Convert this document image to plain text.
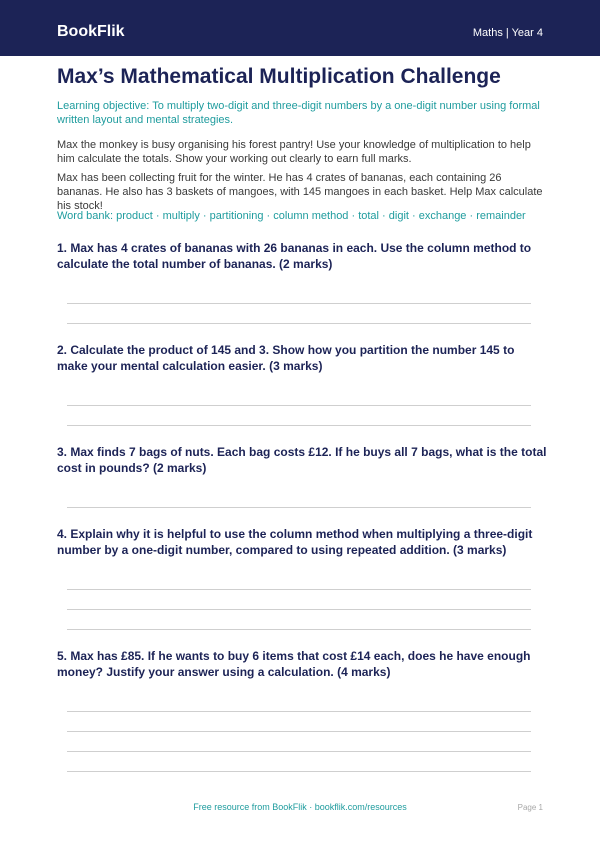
BookFlik	Maths | Year 4
Max’s Mathematical Multiplication Challenge

Learning objective: To multiply two-digit and three-digit numbers by a one-digit number using formal written layout and mental strategies.

Max the monkey is busy organising his forest pantry! Use your knowledge of multiplication to help him calculate the totals. Show your working out clearly to earn full marks.

Max has been collecting fruit for the winter. He has 4 crates of bananas, each containing 26 bananas. He also has 3 baskets of mangoes, with 145 mangoes in each basket. Help Max calculate his stock!

Word bank: product · multiply · partitioning · column method · total · digit · exchange · remainder

1. Max has 4 crates of bananas with 26 bananas in each. Use the column method to calculate the total number of bananas. (2 marks)

2. Calculate the product of 145 and 3. Show how you partition the number 145 to make your mental calculation easier. (3 marks)

3. Max finds 7 bags of nuts. Each bag costs £12. If he buys all 7 bags, what is the total cost in pounds? (2 marks)

4. Explain why it is helpful to use the column method when multiplying a three-digit number by a one-digit number, compared to using repeated addition. (3 marks)

5. Max has £85. If he wants to buy 6 items that cost £14 each, does he have enough money? Justify your answer using a calculation. (4 marks)

Free resource from BookFlik · bookflik.com/resources	Page 1
